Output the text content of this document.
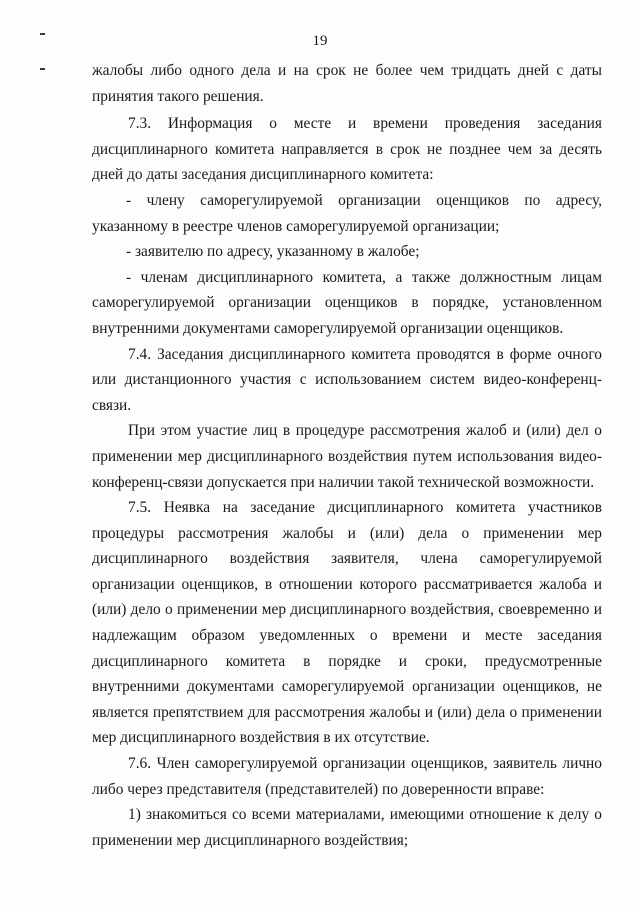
19

жалобы либо одного дела и на срок не более чем тридцать дней с даты принятия такого решения.

7.3. Информация о месте и времени проведения заседания дисциплинарного комитета направляется в срок не позднее чем за десять дней до даты заседания дисциплинарного комитета:

- члену саморегулируемой организации оценщиков по адресу, указанному в реестре членов саморегулируемой организации;

- заявителю по адресу, указанному в жалобе;

- членам дисциплинарного комитета, а также должностным лицам саморегулируемой организации оценщиков в порядке, установленном внутренними документами саморегулируемой организации оценщиков.

7.4. Заседания дисциплинарного комитета проводятся в форме очного или дистанционного участия с использованием систем видео-конференц-связи.

При этом участие лиц в процедуре рассмотрения жалоб и (или) дел о применении мер дисциплинарного воздействия путем использования видео-конференц-связи допускается при наличии такой технической возможности.

7.5. Неявка на заседание дисциплинарного комитета участников процедуры рассмотрения жалобы и (или) дела о применении мер дисциплинарного воздействия заявителя, члена саморегулируемой организации оценщиков, в отношении которого рассматривается жалоба и (или) дело о применении мер дисциплинарного воздействия, своевременно и надлежащим образом уведомленных о времени и месте заседания дисциплинарного комитета в порядке и сроки, предусмотренные внутренними документами саморегулируемой организации оценщиков, не является препятствием для рассмотрения жалобы и (или) дела о применении мер дисциплинарного воздействия в их отсутствие.

7.6. Член саморегулируемой организации оценщиков, заявитель лично либо через представителя (представителей) по доверенности вправе:

1) знакомиться со всеми материалами, имеющими отношение к делу о применении мер дисциплинарного воздействия;
